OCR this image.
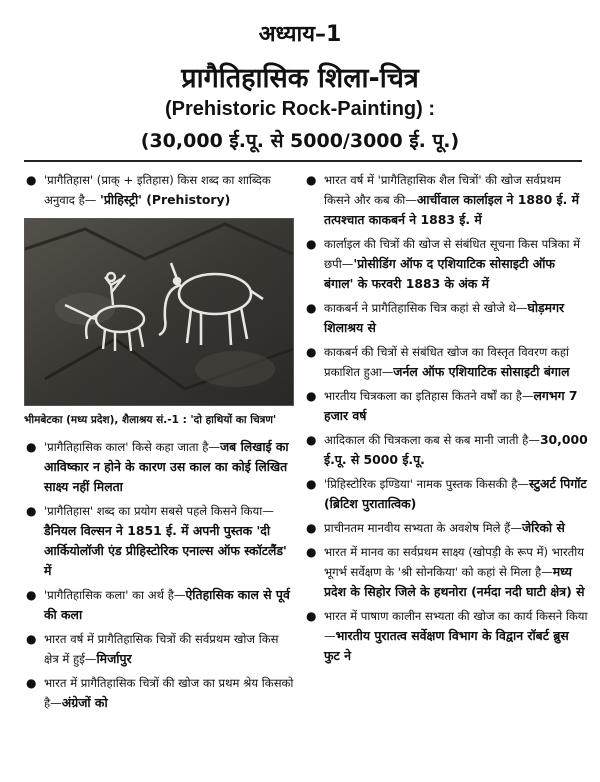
अध्याय–1
प्रागैतिहासिक शिला-चित्र
(Prehistoric Rock-Painting) :
(30,000 ई.पू. से 5000/3000 ई. पू.)
● 'प्रागैतिहास' (प्राक् + इतिहास) किस शब्द का शाब्दिक अनुवाद है— 'प्रीहिस्ट्री' (Prehistory)
भीमबेटका (मध्य प्रदेश), शैलाश्रय सं.-1 : 'दो हाथियों का चित्रण'
● 'प्रागैतिहासिक काल' किसे कहा जाता है—जब लिखाई का आविष्कार न होने के कारण उस काल का कोई लिखित साक्ष्य नहीं मिलता
● 'प्रागैतिहास' शब्द का प्रयोग सबसे पहले किसने किया—डैनियल विल्सन ने 1851 ई. में अपनी पुस्तक 'दी आर्कियोलॉजी एंड प्रीहिस्टोरिक एनाल्स ऑफ स्कॉटलैंड' में
● 'प्रागैतिहासिक कला' का अर्थ है—ऐतिहासिक काल से पूर्व की कला
● भारत वर्ष में प्रागैतिहासिक चित्रों की सर्वप्रथम खोज किस क्षेत्र में हुई—मिर्जापुर
● भारत में प्रागैतिहासिक चित्रों की खोज का प्रथम श्रेय किसको है—अंग्रेजों को
● भारत वर्ष में 'प्रागैतिहासिक शैल चित्रों' की खोज सर्वप्रथम किसने और कब की—आर्चीवाल कार्लाइल ने 1880 ई. में तत्पश्चात काकबर्न ने 1883 ई. में
● कार्लाइल की चित्रों की खोज से संबंधित सूचना किस पत्रिका में छपी—'प्रोसीडिंग ऑफ द एशियाटिक सोसाइटी ऑफ बंगाल' के फरवरी 1883 के अंक में
● काकबर्न ने प्रागैतिहासिक चित्र कहां से खोजे थे—घोड़मगर शिलाश्रय से
● काकबर्न की चित्रों से संबंधित खोज का विस्तृत विवरण कहां प्रकाशित हुआ—जर्नल ऑफ एशियाटिक सोसाइटी बंगाल
● भारतीय चित्रकला का इतिहास कितने वर्षों का है—लगभग 7 हजार वर्ष
● आदिकाल की चित्रकला कब से कब मानी जाती है—30,000 ई.पू. से 5000 ई.पू.
● 'प्रिहिस्टोरिक इण्डिया' नामक पुस्तक किसकी है—स्टुअर्ट पिगॉट (ब्रिटिश पुरातात्विक)
● प्राचीनतम मानवीय सभ्यता के अवशेष मिले हैं—जेरिको से
● भारत में मानव का सर्वप्रथम साक्ष्य (खोपड़ी के रूप में) भारतीय भूगर्भ सर्वेक्षण के 'श्री सोनकिया' को कहां से मिला है—मध्य प्रदेश के सिहोर जिले के हथनोरा (नर्मदा नदी घाटी क्षेत्र) से
● भारत में पाषाण कालीन सभ्यता की खोज का कार्य किसने किया—भारतीय पुरातत्व सर्वेक्षण विभाग के विद्वान रॉबर्ट ब्रुस फुट ने
